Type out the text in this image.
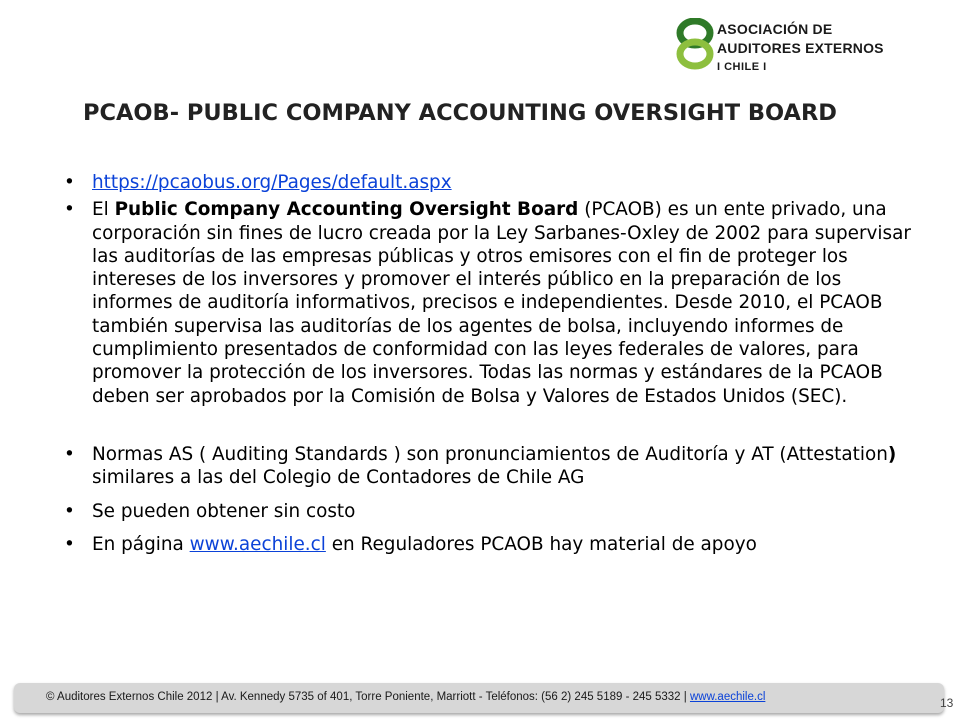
ASOCIACIÓN DE
AUDITORES EXTERNOS
I CHILE I
PCAOB- PUBLIC COMPANY ACCOUNTING OVERSIGHT BOARD

• https://pcaobus.org/Pages/default.aspx

• El Public Company Accounting Oversight Board (PCAOB) es un ente privado, una corporación sin fines de lucro creada por la Ley Sarbanes-Oxley de 2002 para supervisar las auditorías de las empresas públicas y otros emisores con el fin de proteger los intereses de los inversores y promover el interés público en la preparación de los informes de auditoría informativos, precisos e independientes. Desde 2010, el PCAOB también supervisa las auditorías de los agentes de bolsa, incluyendo informes de cumplimiento presentados de conformidad con las leyes federales de valores, para promover la protección de los inversores. Todas las normas y estándares de la PCAOB deben ser aprobados por la Comisión de Bolsa y Valores de Estados Unidos (SEC).

• Normas AS ( Auditing Standards ) son pronunciamientos de Auditoría y AT (Attestation) similares a las del Colegio de Contadores de Chile AG

• Se pueden obtener sin costo

• En página www.aechile.cl en Reguladores PCAOB hay material de apoyo

© Auditores Externos Chile 2012 | Av. Kennedy 5735 of 401, Torre Poniente, Marriott - Teléfonos: (56 2) 245 5189 - 245 5332 | www.aechile.cl	13
